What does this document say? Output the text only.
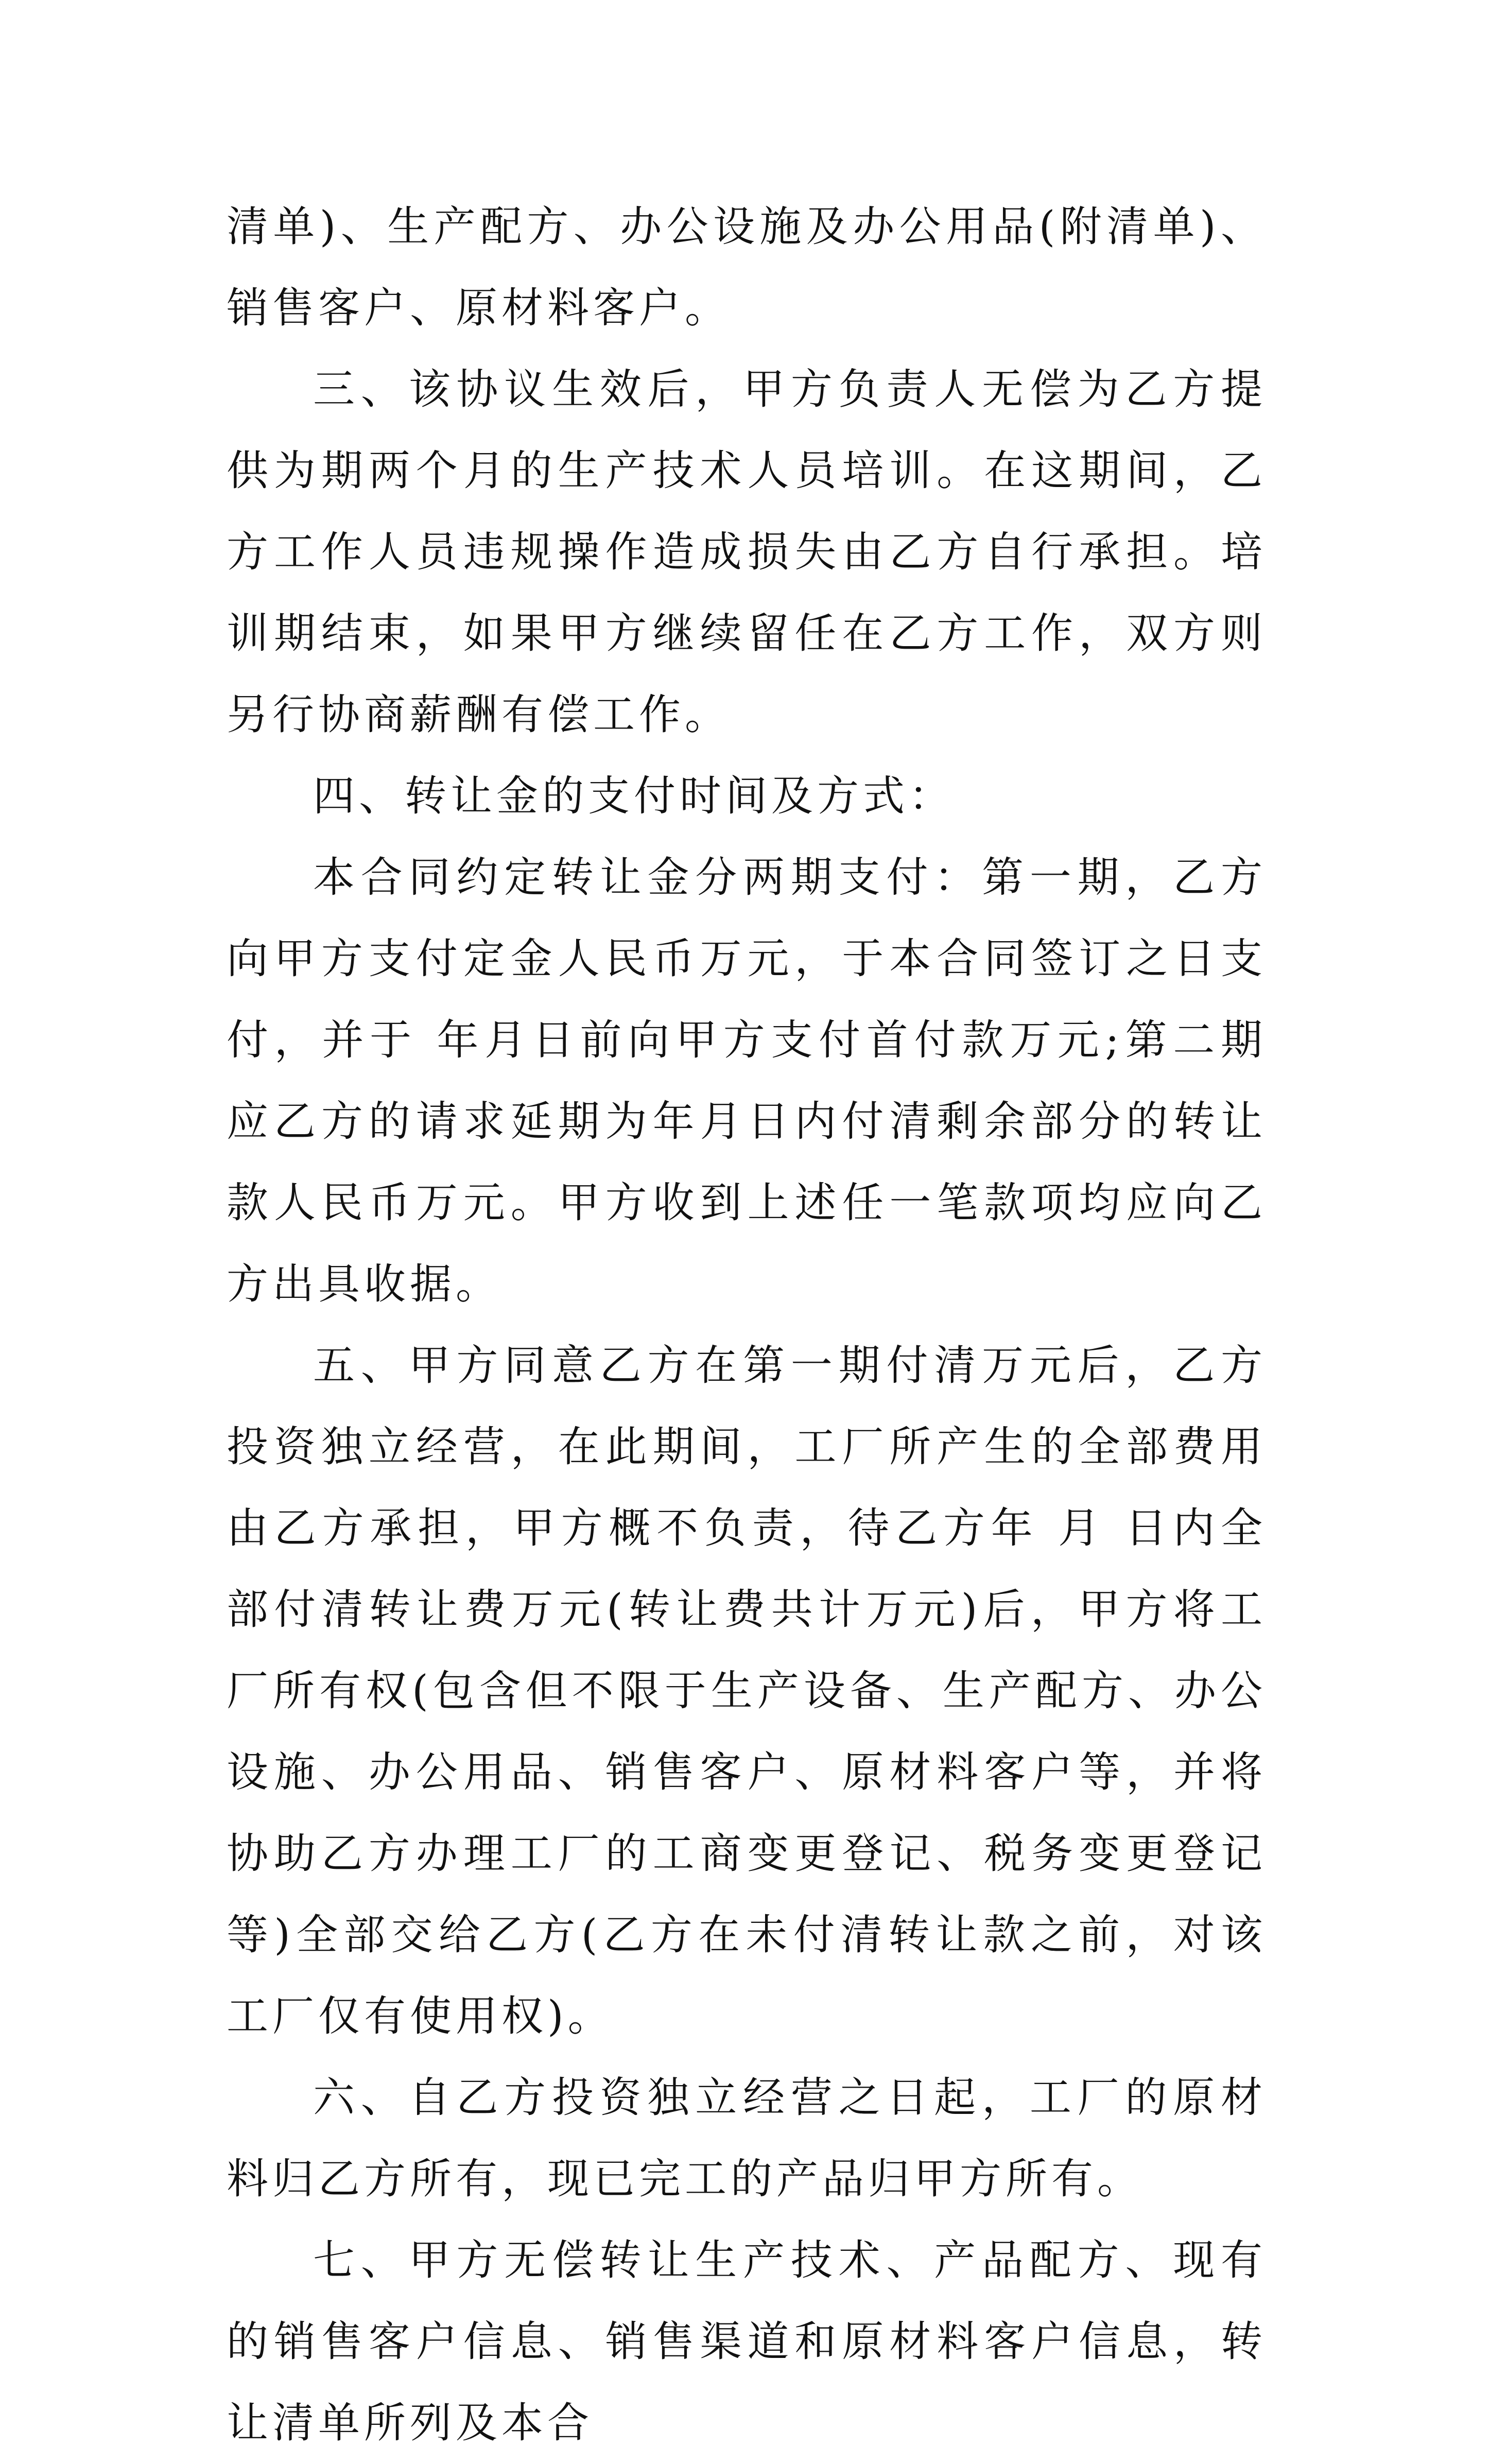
清单)、生产配方、办公设施及办公用品(附清单)、销售客户、原材料客户。

三、该协议生效后，甲方负责人无偿为乙方提供为期两个月的生产技术人员培训。在这期间，乙方工作人员违规操作造成损失由乙方自行承担。培训期结束，如果甲方继续留任在乙方工作，双方则另行协商薪酬有偿工作。

四、转让金的支付时间及方式：

本合同约定转让金分两期支付：第一期，乙方向甲方支付定金人民币万元，于本合同签订之日支付，并于 年月日前向甲方支付首付款万元;第二期应乙方的请求延期为年月日内付清剩余部分的转让款人民币万元。甲方收到上述任一笔款项均应向乙方出具收据。

五、甲方同意乙方在第一期付清万元后，乙方投资独立经营，在此期间，工厂所产生的全部费用由乙方承担，甲方概不负责，待乙方年 月 日内全部付清转让费万元(转让费共计万元)后，甲方将工厂所有权(包含但不限于生产设备、生产配方、办公设施、办公用品、销售客户、原材料客户等，并将协助乙方办理工厂的工商变更登记、税务变更登记等)全部交给乙方(乙方在未付清转让款之前，对该工厂仅有使用权)。

六、自乙方投资独立经营之日起，工厂的原材料归乙方所有，现已完工的产品归甲方所有。

七、甲方无偿转让生产技术、产品配方、现有的销售客户信息、销售渠道和原材料客户信息，转让清单所列及本合
